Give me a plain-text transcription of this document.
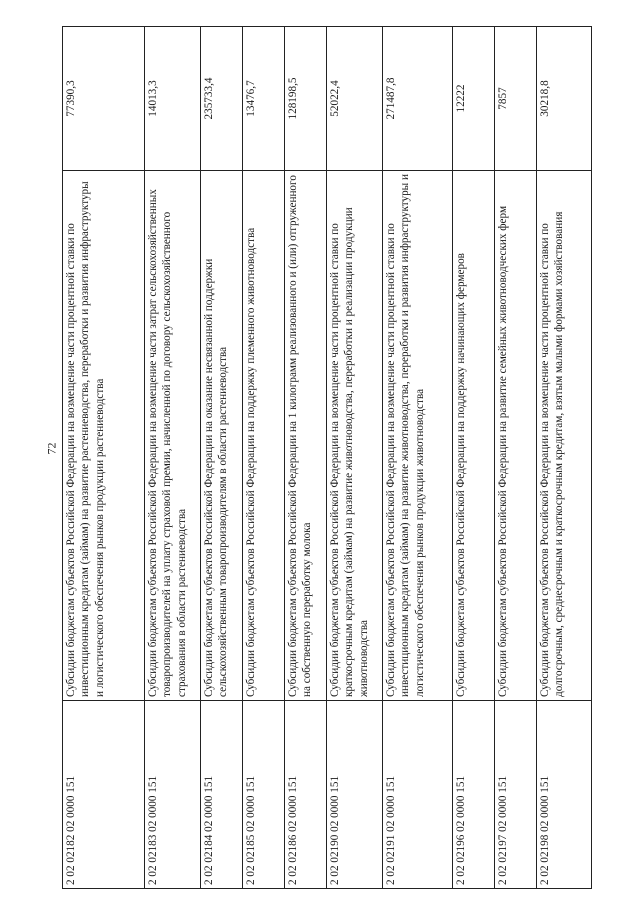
72
2 02 02182 02 0000 151	Субсидии бюджетам субъектов Российской Федерации на возмещение части процентной ставки по инвестиционным кредитам (займам) на развитие растениеводства, переработки и развития инфраструктуры и логистического обеспечения рынков продукции растениеводства	77390,3
2 02 02183 02 0000 151	Субсидии бюджетам субъектов Российской Федерации на возмещение части затрат сельскохозяйственных товаропроизводителей на уплату страховой премии, начисленной по договору сельскохозяйственного страхования в области растениеводства	14013,3
2 02 02184 02 0000 151	Субсидии бюджетам субъектов Российской Федерации на оказание несвязанной поддержки сельскохозяйственным товаропроизводителям в области растениеводства	235733,4
2 02 02185 02 0000 151	Субсидии бюджетам субъектов Российской Федерации на поддержку племенного животноводства	13476,7
2 02 02186 02 0000 151	Субсидии бюджетам субъектов Российской Федерации на 1 килограмм реализованного и (или) отгруженного на собственную переработку молока	128198,5
2 02 02190 02 0000 151	Субсидии бюджетам субъектов Российской Федерации на возмещение части процентной ставки по краткосрочным кредитам (займам) на развитие животноводства, переработки и реализации продукции животноводства	52022,4
2 02 02191 02 0000 151	Субсидии бюджетам субъектов Российской Федерации на возмещение части процентной ставки по инвестиционным кредитам (займам) на развитие животноводства, переработки и развития инфраструктуры и логистического обеспечения рынков продукции животноводства	271487,8
2 02 02196 02 0000 151	Субсидии бюджетам субъектов Российской Федерации на поддержку начинающих фермеров	12222
2 02 02197 02 0000 151	Субсидии бюджетам субъектов Российской Федерации на развитие семейных животноводческих ферм	7857
2 02 02198 02 0000 151	Субсидии бюджетам субъектов Российской Федерации на возмещение части процентной ставки по долгосрочным, среднесрочным и краткосрочным кредитам, взятым малыми формами хозяйствования	30218,8
